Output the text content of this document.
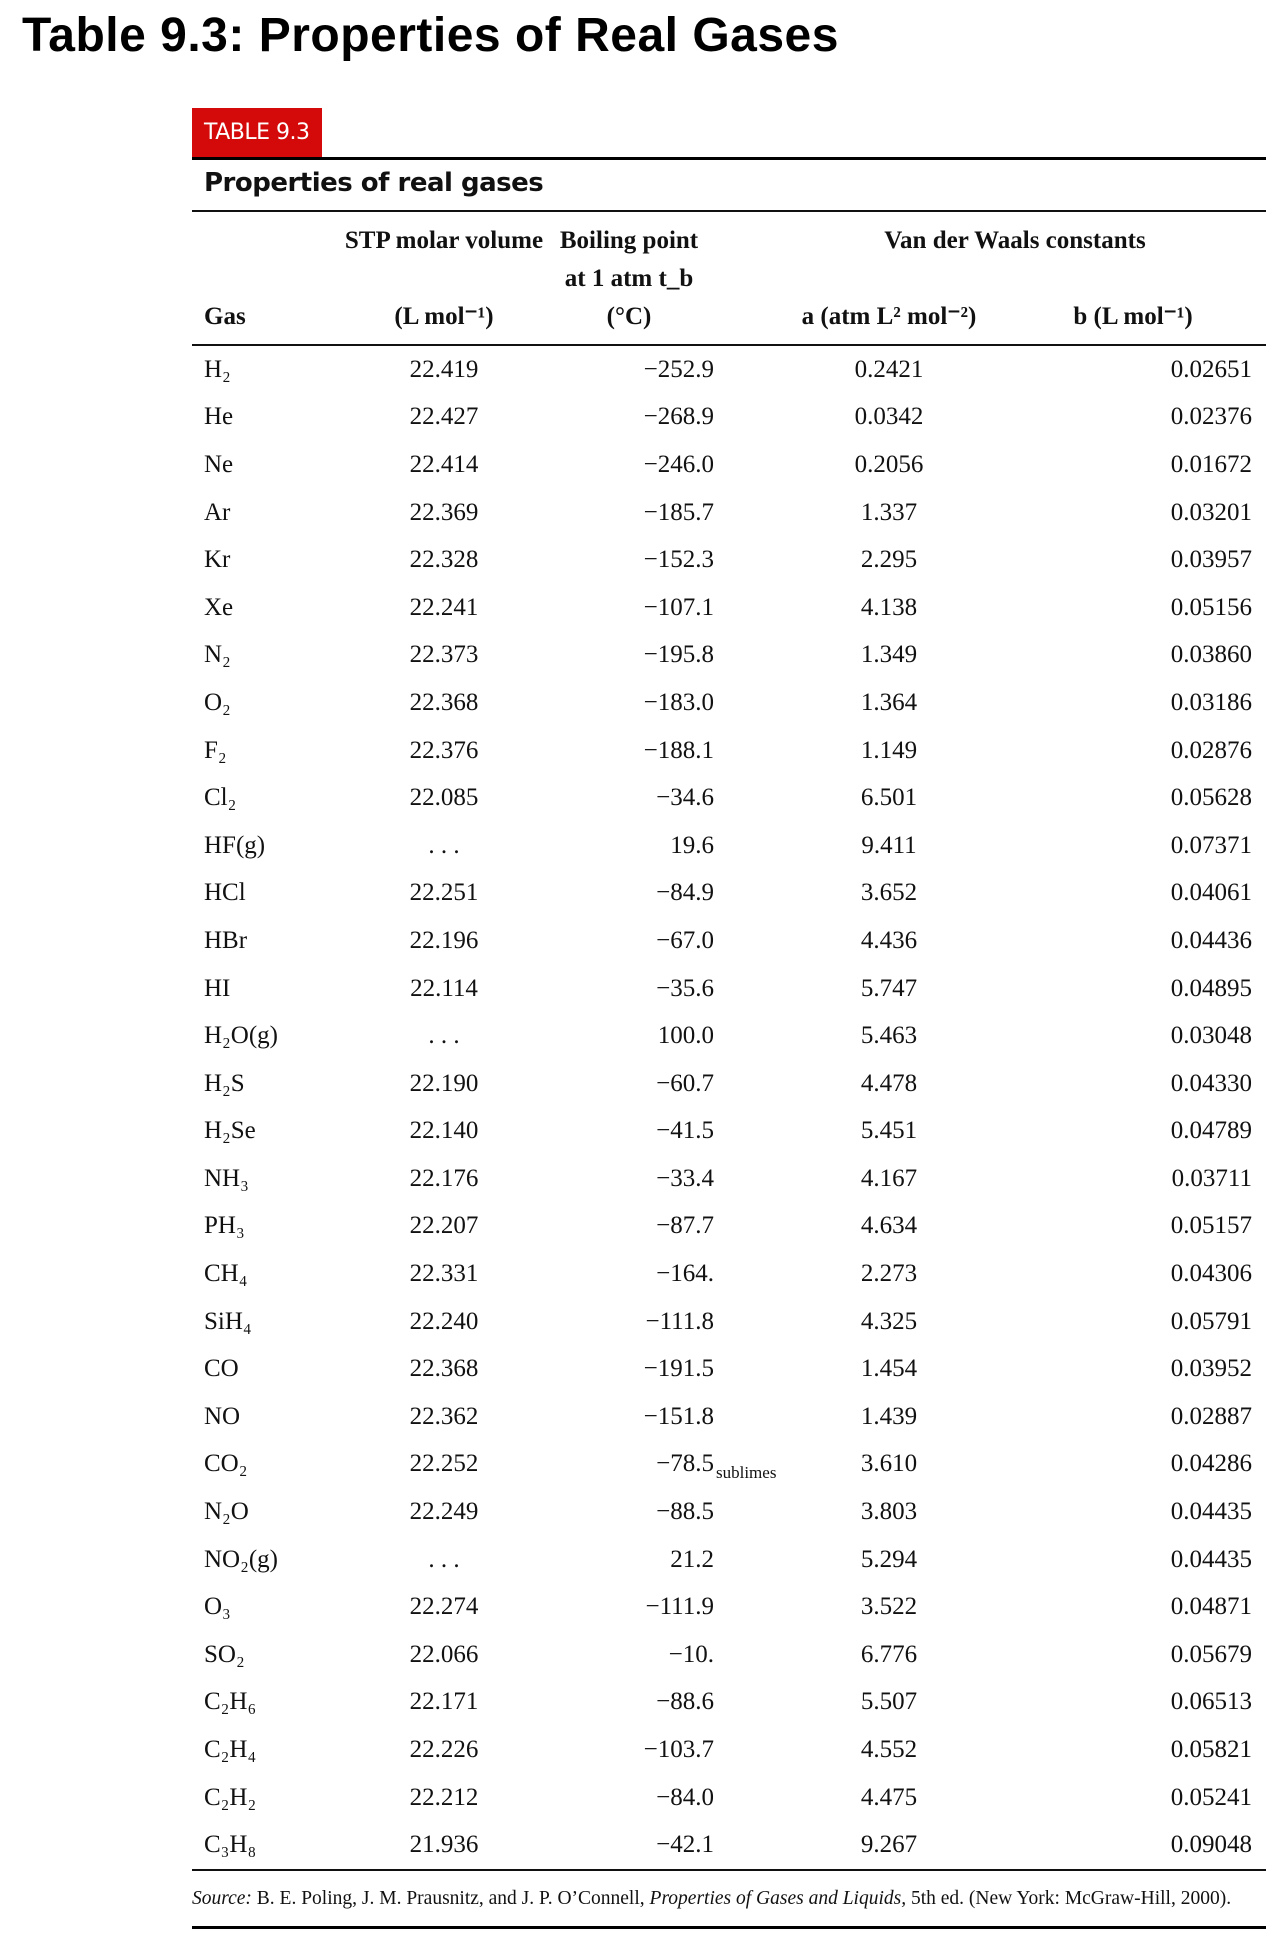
Table 9.3: Properties of Real Gases
TABLE 9.3
Properties of real gases
	STP molar volume	Boiling point	Van der Waals constants	
Gas	(L mol⁻¹)	at 1 atm t_b (°C)	a (atm L² mol⁻²)	b (L mol⁻¹)

H₂	22.419	−252.9	0.2421	0.02651
He	22.427	−268.9	0.0342	0.02376
Ne	22.414	−246.0	0.2056	0.01672
Ar	22.369	−185.7	1.337	0.03201
Kr	22.328	−152.3	2.295	0.03957
Xe	22.241	−107.1	4.138	0.05156
N₂	22.373	−195.8	1.349	0.03860
O₂	22.368	−183.0	1.364	0.03186
F₂	22.376	−188.1	1.149	0.02876
Cl₂	22.085	−34.6	6.501	0.05628
HF(g)	. . .	19.6	9.411	0.07371
HCl	22.251	−84.9	3.652	0.04061
HBr	22.196	−67.0	4.436	0.04436
HI	22.114	−35.6	5.747	0.04895
H₂O(g)	. . .	100.0	5.463	0.03048
H₂S	22.190	−60.7	4.478	0.04330
H₂Se	22.140	−41.5	5.451	0.04789
NH₃	22.176	−33.4	4.167	0.03711
PH₃	22.207	−87.7	4.634	0.05157
CH₄	22.331	−164.	2.273	0.04306
SiH₄	22.240	−111.8	4.325	0.05791
CO	22.368	−191.5	1.454	0.03952
NO	22.362	−151.8	1.439	0.02887
CO₂	22.252	−78.5 sublimes	3.610	0.04286
N₂O	22.249	−88.5	3.803	0.04435
NO₂(g)	. . .	21.2	5.294	0.04435
O₃	22.274	−111.9	3.522	0.04871
SO₂	22.066	−10.	6.776	0.05679
C₂H₆	22.171	−88.6	5.507	0.06513
C₂H₄	22.226	−103.7	4.552	0.05821
C₂H₂	22.212	−84.0	4.475	0.05241
C₃H₈	21.936	−42.1	9.267	0.09048
Source: B. E. Poling, J. M. Prausnitz, and J. P. O’Connell, Properties of Gases and Liquids, 5th ed. (New York: McGraw-Hill, 2000).
